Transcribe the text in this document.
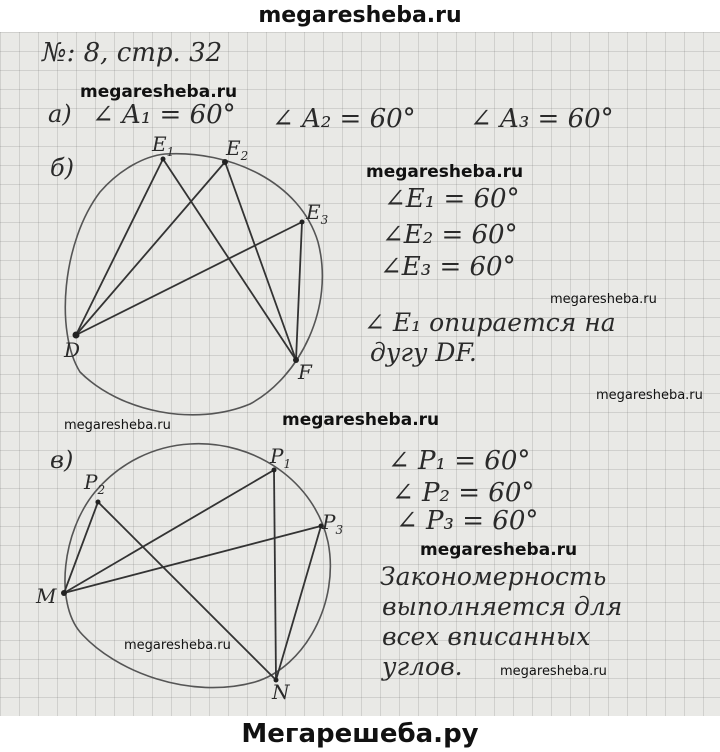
megaresheba.ru
№: 8, стр. 32
а) ∠ A₁ = 60° ∠ A₂ = 60° ∠ A₃ = 60°
б)
$E_1$	$E_2$
$E_3$
D
F
∠E₁ = 60°
∠E₂ = 60°
∠E₃ = 60°
∠ E₁ опирается на
дугу DF.
в)	$P_1$
$P_2$
$P_3$
M
N
∠ P₁ = 60°
∠ P₂ = 60°
∠ P₃ = 60°
Закономерность
выполняется для
всех вписанных
углов.
megaresheba.ru
megaresheba.ru
megaresheba.ru
megaresheba.ru
megaresheba.ru	megaresheba.ru
megaresheba.ru
megaresheba.ru
megaresheba.ru
Мегарешеба.ру
